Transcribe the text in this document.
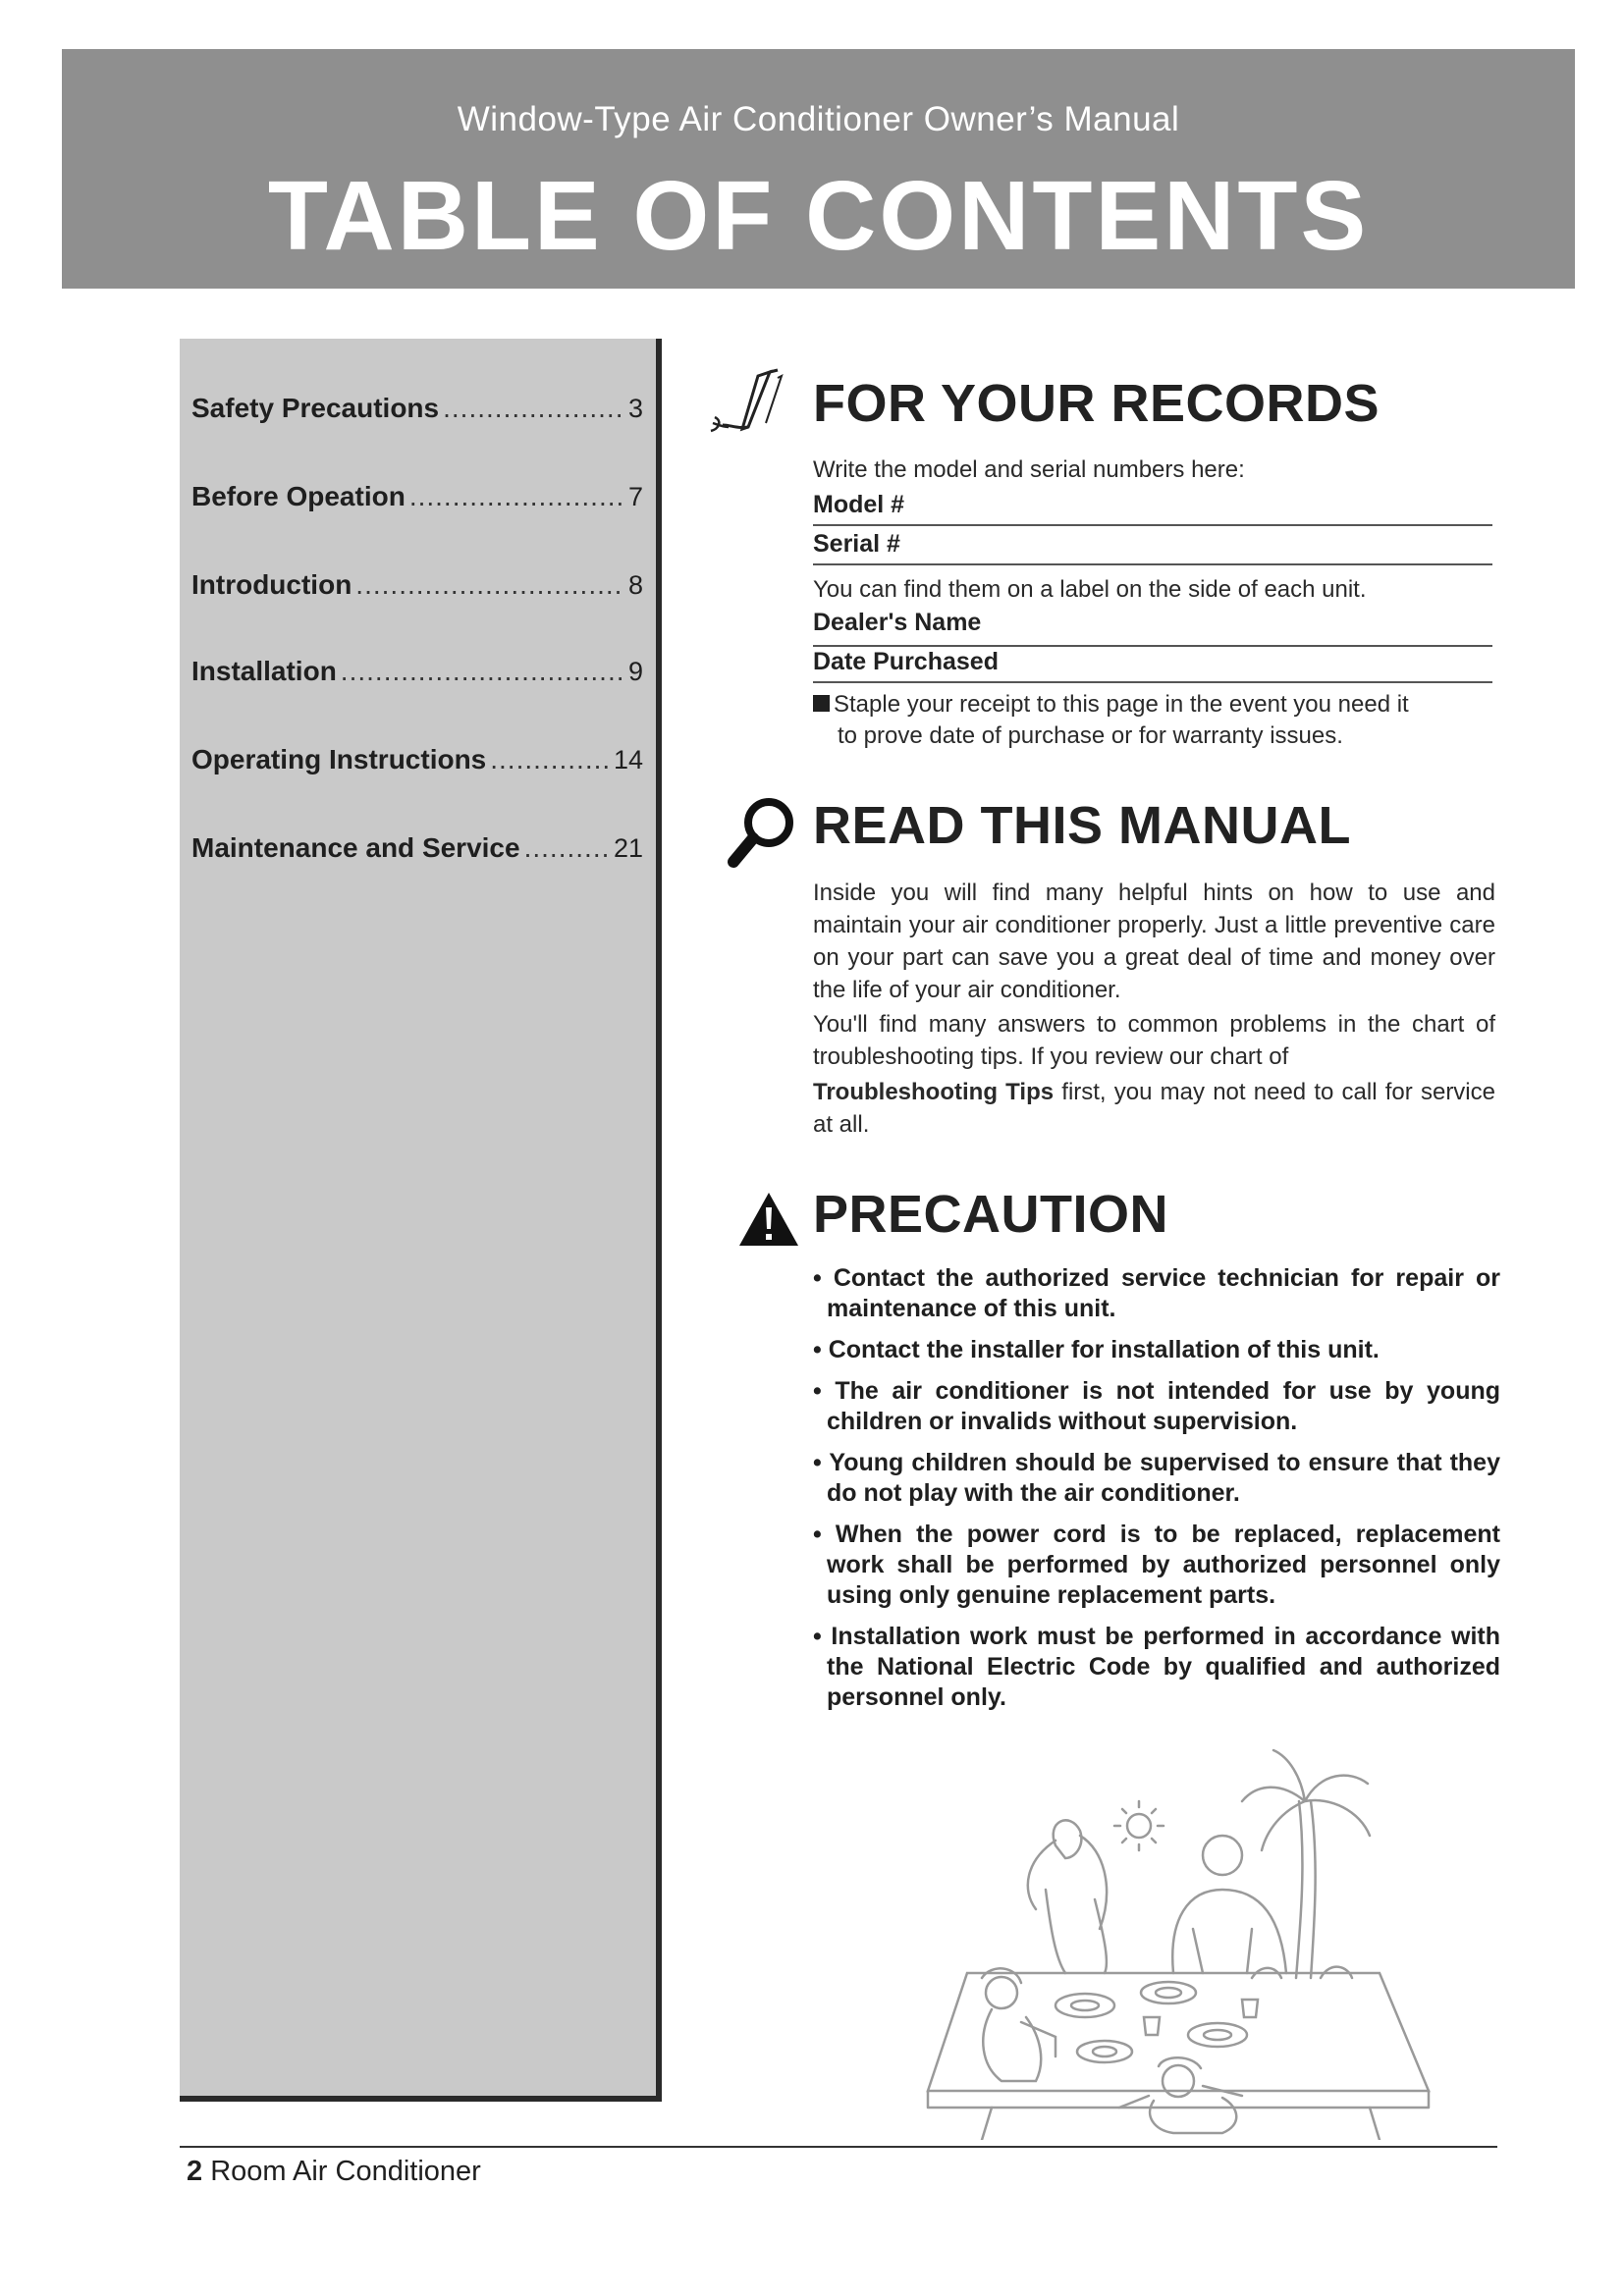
Window-Type Air Conditioner Owner’s Manual
TABLE OF CONTENTS
Safety Precautions .....	3
Before Opeation .....	7
Introduction .....	8
Installation .....	9
Operating Instructions .....	14
Maintenance and Service .....	21
FOR YOUR RECORDS
Write the model and serial numbers here:
Model #
Serial #
You can find them on a label on the side of each unit.
Dealer's Name
Date Purchased
Staple your receipt to this page in the event you need it
to prove date of purchase or for warranty issues.
READ THIS MANUAL
Inside you will find many helpful hints on how to use and maintain your air conditioner properly. Just a little preventive care on your part can save you a great deal of time and money over the life of your air conditioner.
You'll find many answers to common problems in the chart of troubleshooting tips. If you review our chart of
Troubleshooting Tips first, you may not need to call for service at all.
PRECAUTION
• Contact the authorized service technician for repair or maintenance of this unit.
• Contact the installer for installation of this unit.
• The air conditioner is not intended for use by young children or invalids without supervision.
• Young children should be supervised to ensure that they do not play with the air conditioner.
• When the power cord is to be replaced, replacement work shall be performed by authorized personnel only using only genuine replacement parts.
• Installation work must be performed in accordance with the National Electric Code by qualified and authorized personnel only.
2 Room Air Conditioner
